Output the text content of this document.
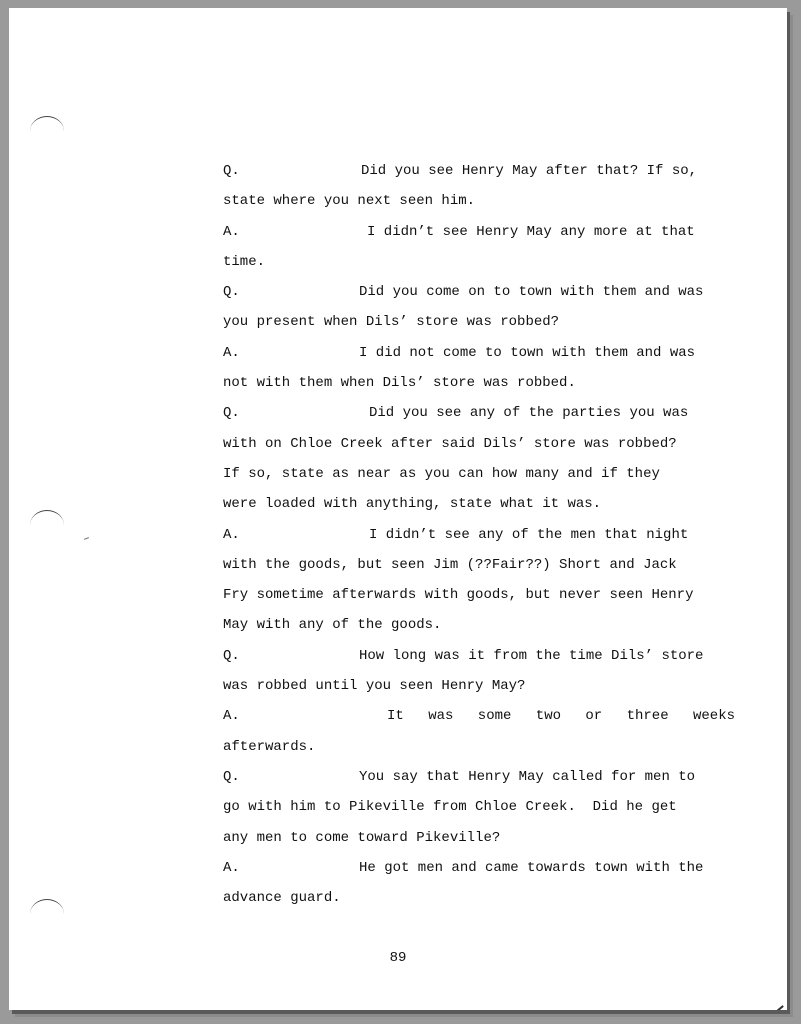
Q.	Did you see Henry May after that? If so,
state where you next seen him.
A.	I didn’t see Henry May any more at that
time.
Q.	Did you come on to town with them and was
you present when Dils’ store was robbed?
A.	I did not come to town with them and was
not with them when Dils’ store was robbed.
Q.	Did you see any of the parties you was
with on Chloe Creek after said Dils’ store was robbed?
If so, state as near as you can how many and if they
were loaded with anything, state what it was.
A.	I didn’t see any of the men that night
with the goods, but seen Jim (??Fair??) Short and Jack
Fry sometime afterwards with goods, but never seen Henry
May with any of the goods.
Q.	How long was it from the time Dils’ store
was robbed until you seen Henry May?
A.	It was some two or three weeks
afterwards.
Q.	You say that Henry May called for men to
go with him to Pikeville from Chloe Creek.  Did he get
any men to come toward Pikeville?
A.	He got men and came towards town with the
advance guard.
89
